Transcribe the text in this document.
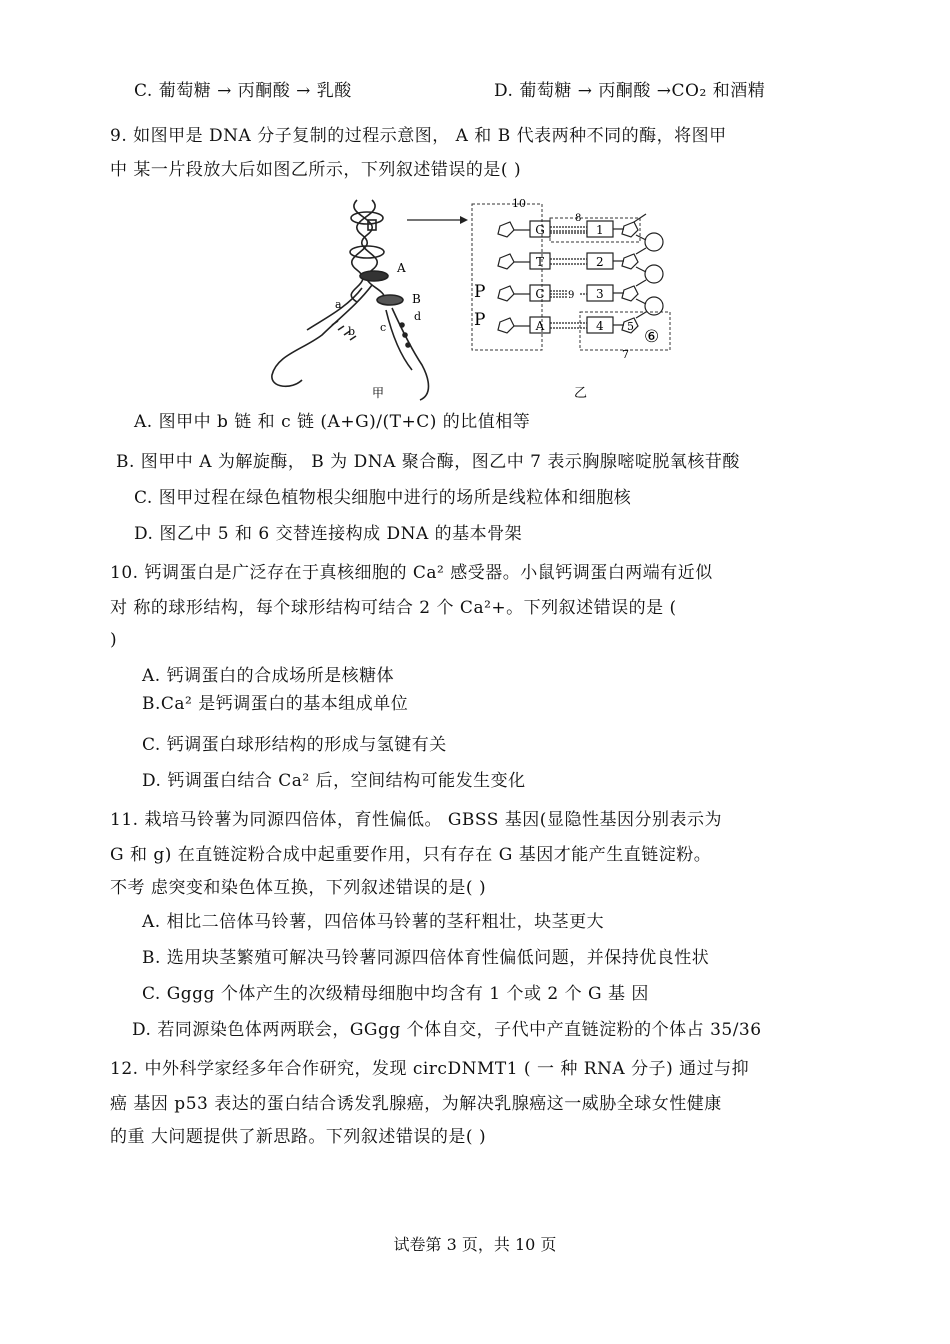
C. 葡萄糖 → 丙酮酸 → 乳酸	D. 葡萄糖 → 丙酮酸 →CO₂ 和酒精
9. 如图甲是 DNA 分子复制的过程示意图， A 和 B 代表两种不同的酶，将图甲
中 某一片段放大后如图乙所示，下列叙述错误的是( )
A
B
a
b c
d
10
P
P
8
7
G
T
C
A
9
1
2
3
4 5
⑥
甲	乙
A. 图甲中 b 链 和 c 链 (A+G)/(T+C) 的比值相等
B. 图甲中 A 为解旋酶， B 为 DNA 聚合酶，图乙中 7 表示胸腺嘧啶脱氧核苷酸
C. 图甲过程在绿色植物根尖细胞中进行的场所是线粒体和细胞核
D. 图乙中 5 和 6 交替连接构成 DNA 的基本骨架
10. 钙调蛋白是广泛存在于真核细胞的 Ca² 感受器。小鼠钙调蛋白两端有近似
对 称的球形结构，每个球形结构可结合 2 个 Ca²+。下列叙述错误的是 (
)
A. 钙调蛋白的合成场所是核糖体
B.Ca² 是钙调蛋白的基本组成单位
C. 钙调蛋白球形结构的形成与氢键有关
D. 钙调蛋白结合 Ca² 后，空间结构可能发生变化
11. 栽培马铃薯为同源四倍体，育性偏低。 GBSS 基因(显隐性基因分别表示为
G 和 g) 在直链淀粉合成中起重要作用，只有存在 G 基因才能产生直链淀粉。
不考 虑突变和染色体互换，下列叙述错误的是( )
A. 相比二倍体马铃薯，四倍体马铃薯的茎秆粗壮，块茎更大
B. 选用块茎繁殖可解决马铃薯同源四倍体育性偏低问题，并保持优良性状
C. Gggg 个体产生的次级精母细胞中均含有 1 个或 2 个 G 基 因
D. 若同源染色体两两联会，GGgg 个体自交，子代中产直链淀粉的个体占 35/36
12. 中外科学家经多年合作研究，发现 circDNMT1 ( 一 种 RNA 分子) 通过与抑
癌 基因 p53 表达的蛋白结合诱发乳腺癌，为解决乳腺癌这一威胁全球女性健康
的重 大问题提供了新思路。下列叙述错误的是( )
试卷第 3 页，共 10 页
